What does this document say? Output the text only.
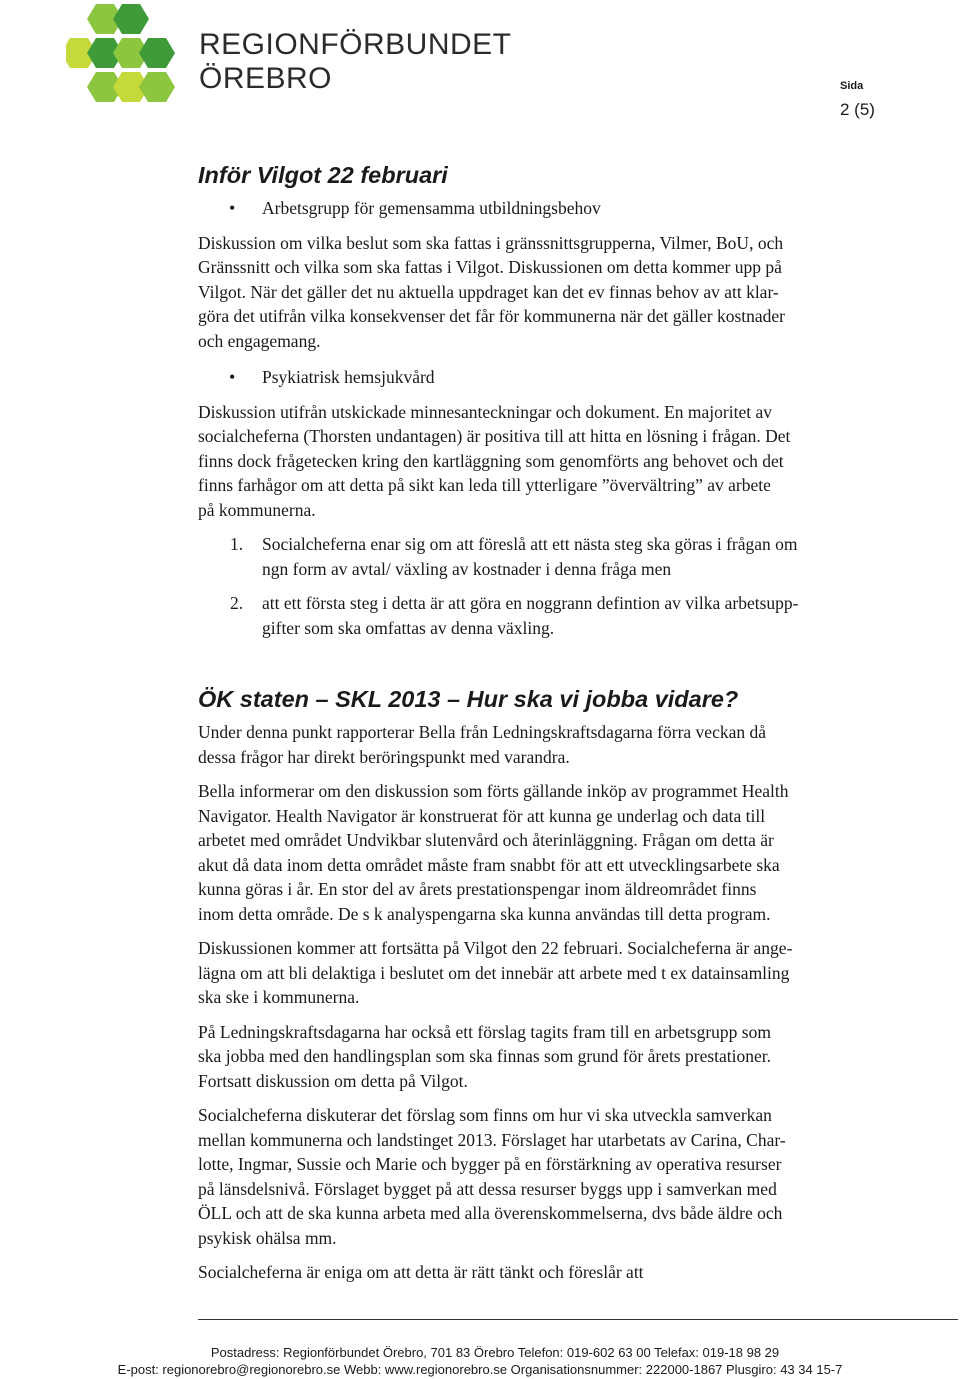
REGIONFÖRBUNDET
ÖREBRO	Sida
2 (5)
Inför Vilgot 22 februari
• Arbetsgrupp för gemensamma utbildningsbehov
Diskussion om vilka beslut som ska fattas i gränssnittsgrupperna, Vilmer, BoU, och
Gränssnitt och vilka som ska fattas i Vilgot. Diskussionen om detta kommer upp på
Vilgot. När det gäller det nu aktuella uppdraget kan det ev finnas behov av att klar-
göra det utifrån vilka konsekvenser det får för kommunerna när det gäller kostnader
och engagemang.
• Psykiatrisk hemsjukvård
Diskussion utifrån utskickade minnesanteckningar och dokument. En majoritet av
socialcheferna (Thorsten undantagen) är positiva till att hitta en lösning i frågan. Det
finns dock frågetecken kring den kartläggning som genomförts ang behovet och det
finns farhågor om att detta på sikt kan leda till ytterligare ”övervältring” av arbete
på kommunerna.
1. Socialcheferna enar sig om att föreslå att ett nästa steg ska göras i frågan om
ngn form av avtal/ växling av kostnader i denna fråga men
2. att ett första steg i detta är att göra en noggrann defintion av vilka arbetsupp-
gifter som ska omfattas av denna växling.
ÖK staten – SKL 2013 – Hur ska vi jobba vidare?
Under denna punkt rapporterar Bella från Ledningskraftsdagarna förra veckan då
dessa frågor har direkt beröringspunkt med varandra.
Bella informerar om den diskussion som förts gällande inköp av programmet Health
Navigator. Health Navigator är konstruerat för att kunna ge underlag och data till
arbetet med området Undvikbar slutenvård och återinläggning. Frågan om detta är
akut då data inom detta området måste fram snabbt för att ett utvecklingsarbete ska
kunna göras i år. En stor del av årets prestationspengar inom äldreområdet finns
inom detta område. De s k analyspengarna ska kunna användas till detta program.
Diskussionen kommer att fortsätta på Vilgot den 22 februari. Socialcheferna är ange-
lägna om att bli delaktiga i beslutet om det innebär att arbete med t ex datainsamling
ska ske i kommunerna.
På Ledningskraftsdagarna har också ett förslag tagits fram till en arbetsgrupp som
ska jobba med den handlingsplan som ska finnas som grund för årets prestationer.
Fortsatt diskussion om detta på Vilgot.
Socialcheferna diskuterar det förslag som finns om hur vi ska utveckla samverkan
mellan kommunerna och landstinget 2013. Förslaget har utarbetats av Carina, Char-
lotte, Ingmar, Sussie och Marie och bygger på en förstärkning av operativa resurser
på länsdelsnivå. Förslaget bygget på att dessa resurser byggs upp i samverkan med
ÖLL och att de ska kunna arbeta med alla överenskommelserna, dvs både äldre och
psykisk ohälsa mm.
Socialcheferna är eniga om att detta är rätt tänkt och föreslår att
Postadress: Regionförbundet Örebro, 701 83 Örebro Telefon: 019-602 63 00 Telefax: 019-18 98 29
E-post: regionorebro@regionorebro.se Webb: www.regionorebro.se Organisationsnummer: 222000-1867 Plusgiro: 43 34 15-7
